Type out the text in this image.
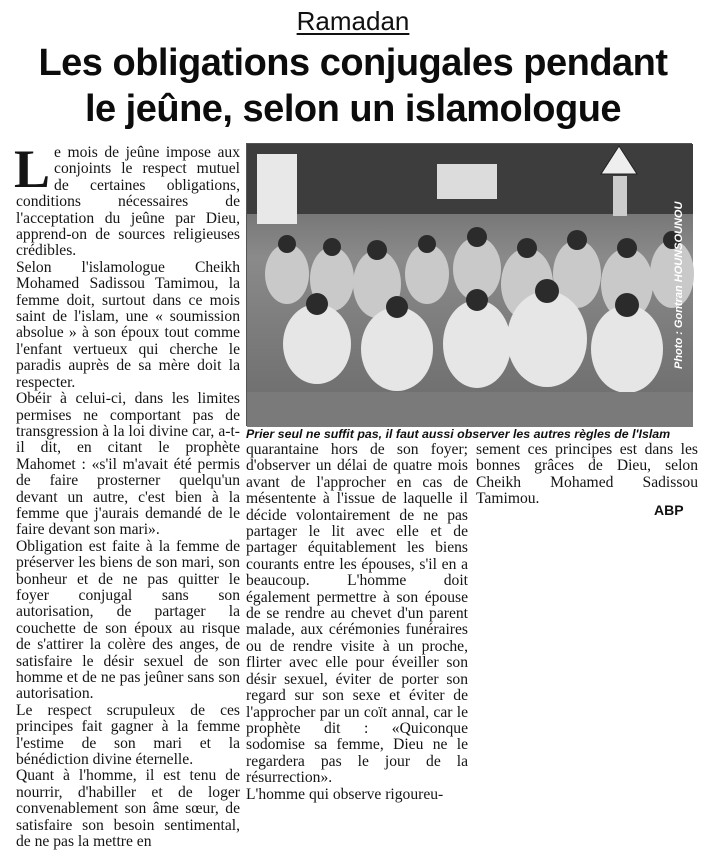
Ramadan
Les obligations conjugales pendant
le jeûne, selon un islamologue

Le mois de jeûne impose aux conjoints le respect mutuel de certaines obligations, conditions nécessaires de l'acceptation du jeûne par Dieu, apprend-on de sources religieuses crédibles.

Selon l'islamologue Cheikh Mohamed Sadissou Tamimou, la femme doit, surtout dans ce mois saint de l'islam, une « soumission absolue » à son époux tout comme l'enfant vertueux qui cherche le paradis auprès de sa mère doit la respecter.

Obéir à celui-ci, dans les limites permises ne comportant pas de transgression à la loi divine car, a-t-il dit, en citant le prophète Mahomet : «s'il m'avait été permis de faire prosterner quelqu'un devant un autre, c'est bien à la femme que j'aurais demandé de le faire devant son mari».

Obligation est faite à la femme de préserver les biens de son mari, son bonheur et de ne pas quitter le foyer conjugal sans son autorisation, de partager la couchette de son époux au risque de s'attirer la colère des anges, de satisfaire le désir sexuel de son homme et de ne pas jeûner sans son autorisation.

Le respect scrupuleux de ces principes fait gagner à la femme l'estime de son mari et la bénédiction divine éternelle.

Quant à l'homme, il est tenu de nourrir, d'habiller et de loger convenablement son âme sœur, de satisfaire son besoin sentimental, de ne pas la mettre en

Photo : Gontran HOUNSOUNOU
Prier seul ne suffit pas, il faut aussi observer les autres règles de l'Islam

quarantaine hors de son foyer; d'observer un délai de quatre mois avant de l'approcher en cas de mésentente à l'issue de laquelle il décide volontairement de ne pas partager le lit avec elle et de partager équitablement les biens courants entre les épouses, s'il en a beaucoup. L'homme doit également permettre à son épouse de se rendre au chevet d'un parent malade, aux cérémonies funéraires ou de rendre visite à un proche, flirter avec elle pour éveiller son désir sexuel, éviter de porter son regard sur son sexe et éviter de l'approcher par un coït annal, car le prophète dit : «Quiconque sodomise sa femme, Dieu ne le regardera pas le jour de la résurrection».

L'homme qui observe rigoureu-

sement ces principes est dans les bonnes grâces de Dieu, selon Cheikh Mohamed Sadissou Tamimou.

ABP
